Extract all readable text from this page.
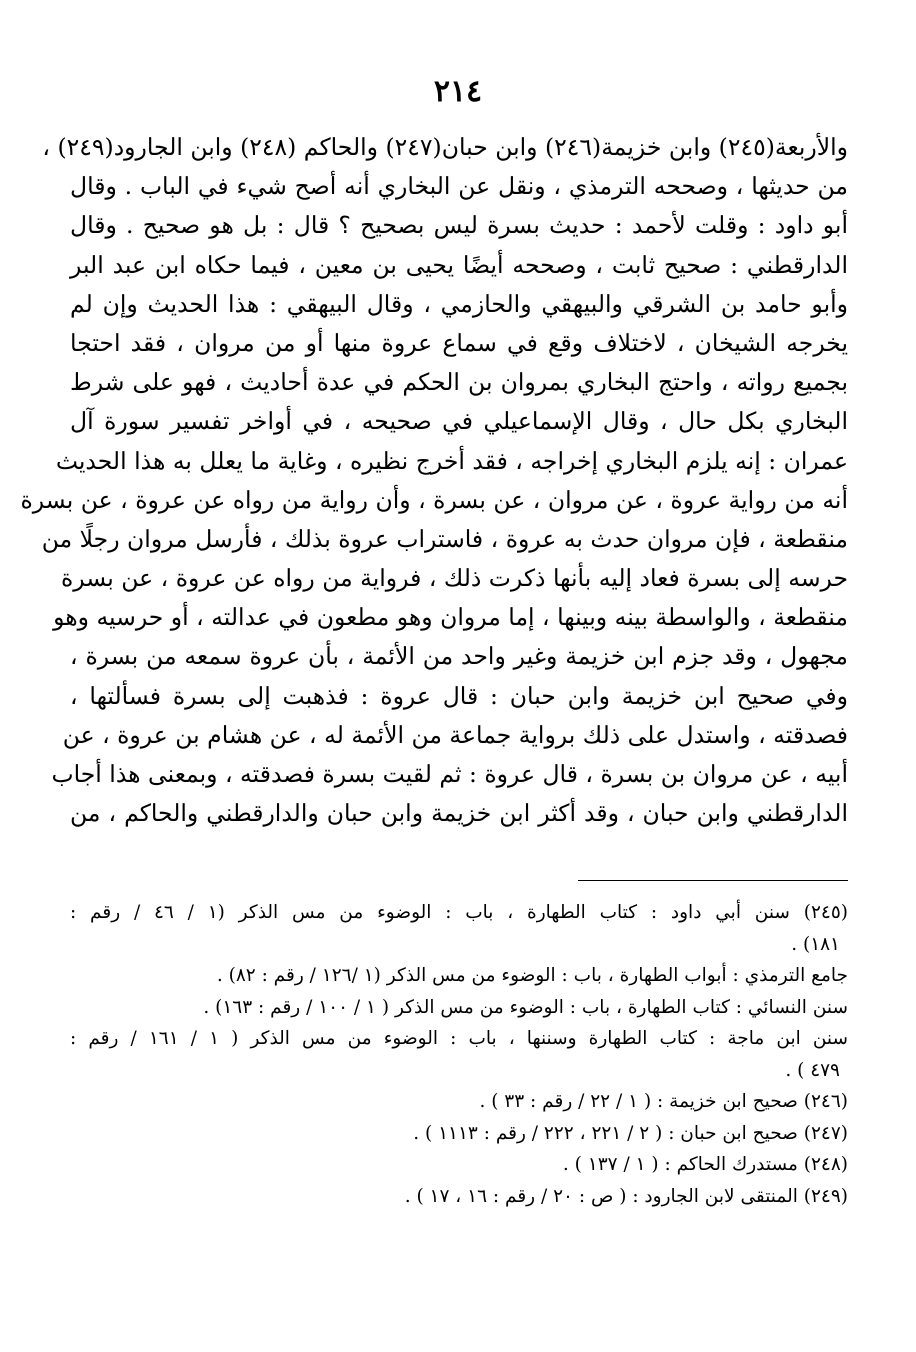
٢١٤
والأربعة(٢٤٥) وابن خزيمة(٢٤٦) وابن حبان(٢٤٧) والحاكم (٢٤٨) وابن الجارود(٢٤٩) ،
من حديثها ، وصححه الترمذي ، ونقل عن البخاري أنه أصح شيء في الباب . وقال
أبو داود : وقلت لأحمد : حديث بسرة ليس بصحيح ؟ قال : بل هو صحيح . وقال
الدارقطني : صحيح ثابت ، وصححه أيضًا يحيى بن معين ، فيما حكاه ابن عبد البر
وأبو حامد بن الشرقي والبيهقي والحازمي ، وقال البيهقي : هذا الحديث وإن لم
يخرجه الشيخان ، لاختلاف وقع في سماع عروة منها أو من مروان ، فقد احتجا
بجميع رواته ، واحتج البخاري بمروان بن الحكم في عدة أحاديث ، فهو على شرط
البخاري بكل حال ، وقال الإسماعيلي في صحيحه ، في أواخر تفسير سورة آل
عمران : إنه يلزم البخاري إخراجه ، فقد أخرج نظيره ، وغاية ما يعلل به هذا الحديث
أنه من رواية عروة ، عن مروان ، عن بسرة ، وأن رواية من رواه عن عروة ، عن بسرة
منقطعة ، فإن مروان حدث به عروة ، فاستراب عروة بذلك ، فأرسل مروان رجلًا من
حرسه إلى بسرة فعاد إليه بأنها ذكرت ذلك ، فرواية من رواه عن عروة ، عن بسرة
منقطعة ، والواسطة بينه وبينها ، إما مروان وهو مطعون في عدالته ، أو حرسيه وهو
مجهول ، وقد جزم ابن خزيمة وغير واحد من الأئمة ، بأن عروة سمعه من بسرة ،
وفي صحيح ابن خزيمة وابن حبان : قال عروة : فذهبت إلى بسرة فسألتها ،
فصدقته ، واستدل على ذلك برواية جماعة من الأئمة له ، عن هشام بن عروة ، عن
أبيه ، عن مروان بن بسرة ، قال عروة : ثم لقيت بسرة فصدقته ، وبمعنى هذا أجاب
الدارقطني وابن حبان ، وقد أكثر ابن خزيمة وابن حبان والدارقطني والحاكم ، من
(٢٤٥) سنن أبي داود : كتاب الطهارة ، باب : الوضوء من مس الذكر (١ / ٤٦ / رقم :
١٨١) .
جامع الترمذي : أبواب الطهارة ، باب : الوضوء من مس الذكر (١ /١٢٦ / رقم : ٨٢) .
سنن النسائي : كتاب الطهارة ، باب : الوضوء من مس الذكر ( ١ / ١٠٠ / رقم : ١٦٣) .
سنن ابن ماجة : كتاب الطهارة وسننها ، باب : الوضوء من مس الذكر ( ١ / ١٦١ / رقم :
٤٧٩ ) .
(٢٤٦) صحيح ابن خزيمة : ( ١ / ٢٢ / رقم : ٣٣ ) .
(٢٤٧) صحيح ابن حبان : ( ٢ / ٢٢١ ، ٢٢٢ / رقم : ١١١٣ ) .
(٢٤٨) مستدرك الحاكم : ( ١ / ١٣٧ ) .
(٢٤٩) المنتقى لابن الجارود : ( ص : ٢٠ / رقم : ١٦ ، ١٧ ) .
